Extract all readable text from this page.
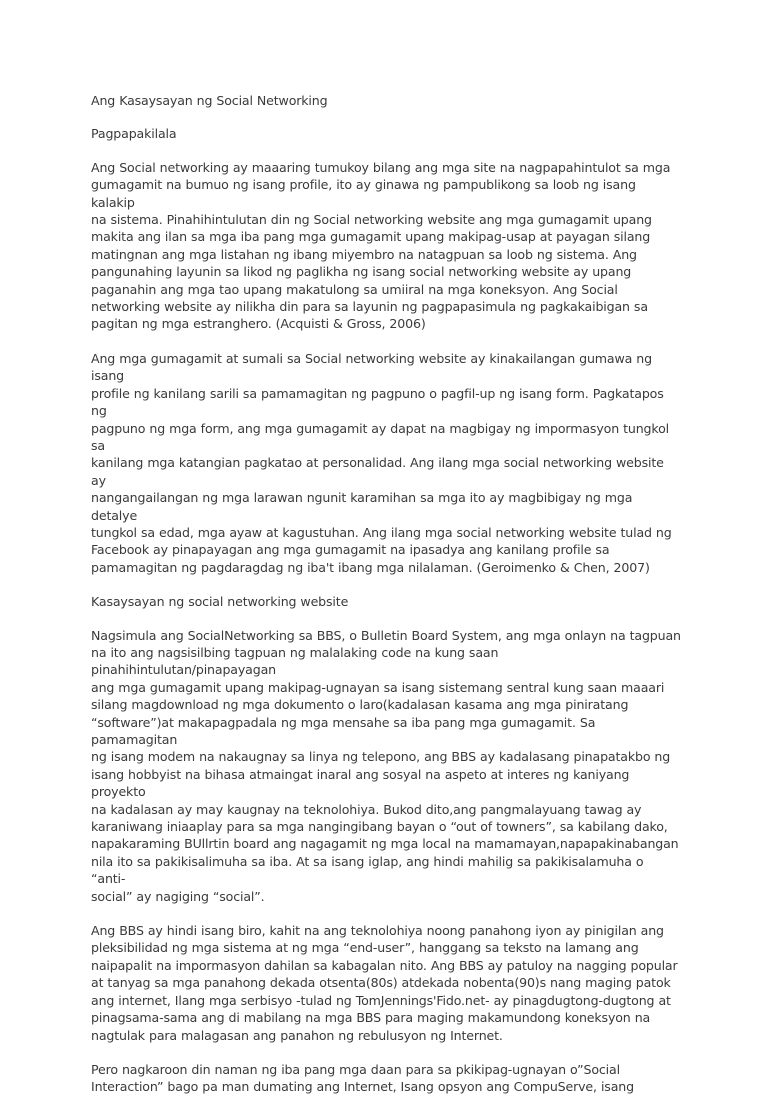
Ang Kasaysayan ng Social Networking

Pagpapakilala

Ang Social networking ay maaaring tumukoy bilang ang mga site na nagpapahintulot sa mga
gumagamit na bumuo ng isang profile, ito ay ginawa ng pampublikong sa loob ng isang kalakip
na sistema. Pinahihintulutan din ng Social networking website ang mga gumagamit upang
makita ang ilan sa mga iba pang mga gumagamit upang makipag-usap at payagan silang
matingnan ang mga listahan ng ibang miyembro na natagpuan sa loob ng sistema. Ang
pangunahing layunin sa likod ng paglikha ng isang social networking website ay upang
paganahin ang mga tao upang makatulong sa umiiral na mga koneksyon. Ang Social
networking website ay nilikha din para sa layunin ng pagpapasimula ng pagkakaibigan sa
pagitan ng mga estranghero. (Acquisti & Gross, 2006)

Ang mga gumagamit at sumali sa Social networking website ay kinakailangan gumawa ng isang
profile ng kanilang sarili sa pamamagitan ng pagpuno o pagfil-up ng isang form. Pagkatapos ng
pagpuno ng mga form, ang mga gumagamit ay dapat na magbigay ng impormasyon tungkol sa
kanilang mga katangian pagkatao at personalidad. Ang ilang mga social networking website ay
nangangailangan ng mga larawan ngunit karamihan sa mga ito ay magbibigay ng mga detalye
tungkol sa edad, mga ayaw at kagustuhan. Ang ilang mga social networking website tulad ng
Facebook ay pinapayagan ang mga gumagamit na ipasadya ang kanilang profile sa
pamamagitan ng pagdaragdag ng iba't ibang mga nilalaman. (Geroimenko & Chen, 2007)

Kasaysayan ng social networking website

Nagsimula ang SocialNetworking sa BBS, o Bulletin Board System, ang mga onlayn na tagpuan
na ito ang nagsisilbing tagpuan ng malalaking code na kung saan pinahihintulutan/pinapayagan
ang mga gumagamit upang makipag-ugnayan sa isang sistemang sentral kung saan maaari
silang magdownload ng mga dokumento o laro(kadalasan kasama ang mga piniratang
“software”)at makapagpadala ng mga mensahe sa iba pang mga gumagamit. Sa pamamagitan
ng isang modem na nakaugnay sa linya ng telepono, ang BBS ay kadalasang pinapatakbo ng
isang hobbyist na bihasa atmaingat inaral ang sosyal na aspeto at interes ng kaniyang proyekto
na kadalasan ay may kaugnay na teknolohiya. Bukod dito,ang pangmalayuang tawag ay
karaniwang iniaaplay para sa mga nangingibang bayan o “out of towners”, sa kabilang dako,
napakaraming BUllrtin board ang nagagamit ng mga local na mamamayan,napapakinabangan
nila ito sa pakikisalimuha sa iba. At sa isang iglap, ang hindi mahilig sa pakikisalamuha o “anti-
social” ay nagiging “social”.

Ang BBS ay hindi isang biro, kahit na ang teknolohiya noong panahong iyon ay pinigilan ang
pleksibilidad ng mga sistema at ng mga “end-user”, hanggang sa teksto na lamang ang
naipapalit na impormasyon dahilan sa kabagalan nito. Ang BBS ay patuloy na nagging popular
at tanyag sa mga panahong dekada otsenta(80s) atdekada nobenta(90)s nang maging patok
ang internet, Ilang mga serbisyo -tulad ng TomJennings'Fido.net- ay pinagdugtong-dugtong at
pinagsama-sama ang di mabilang na mga BBS para maging makamundong koneksyon na
nagtulak para malagasan ang panahon ng rebulusyon ng Internet.

Pero nagkaroon din naman ng iba pang mga daan para sa pkikipag-ugnayan o”Social
Interaction” bago pa man dumating ang Internet, Isang opsyon ang CompuServe, isang
